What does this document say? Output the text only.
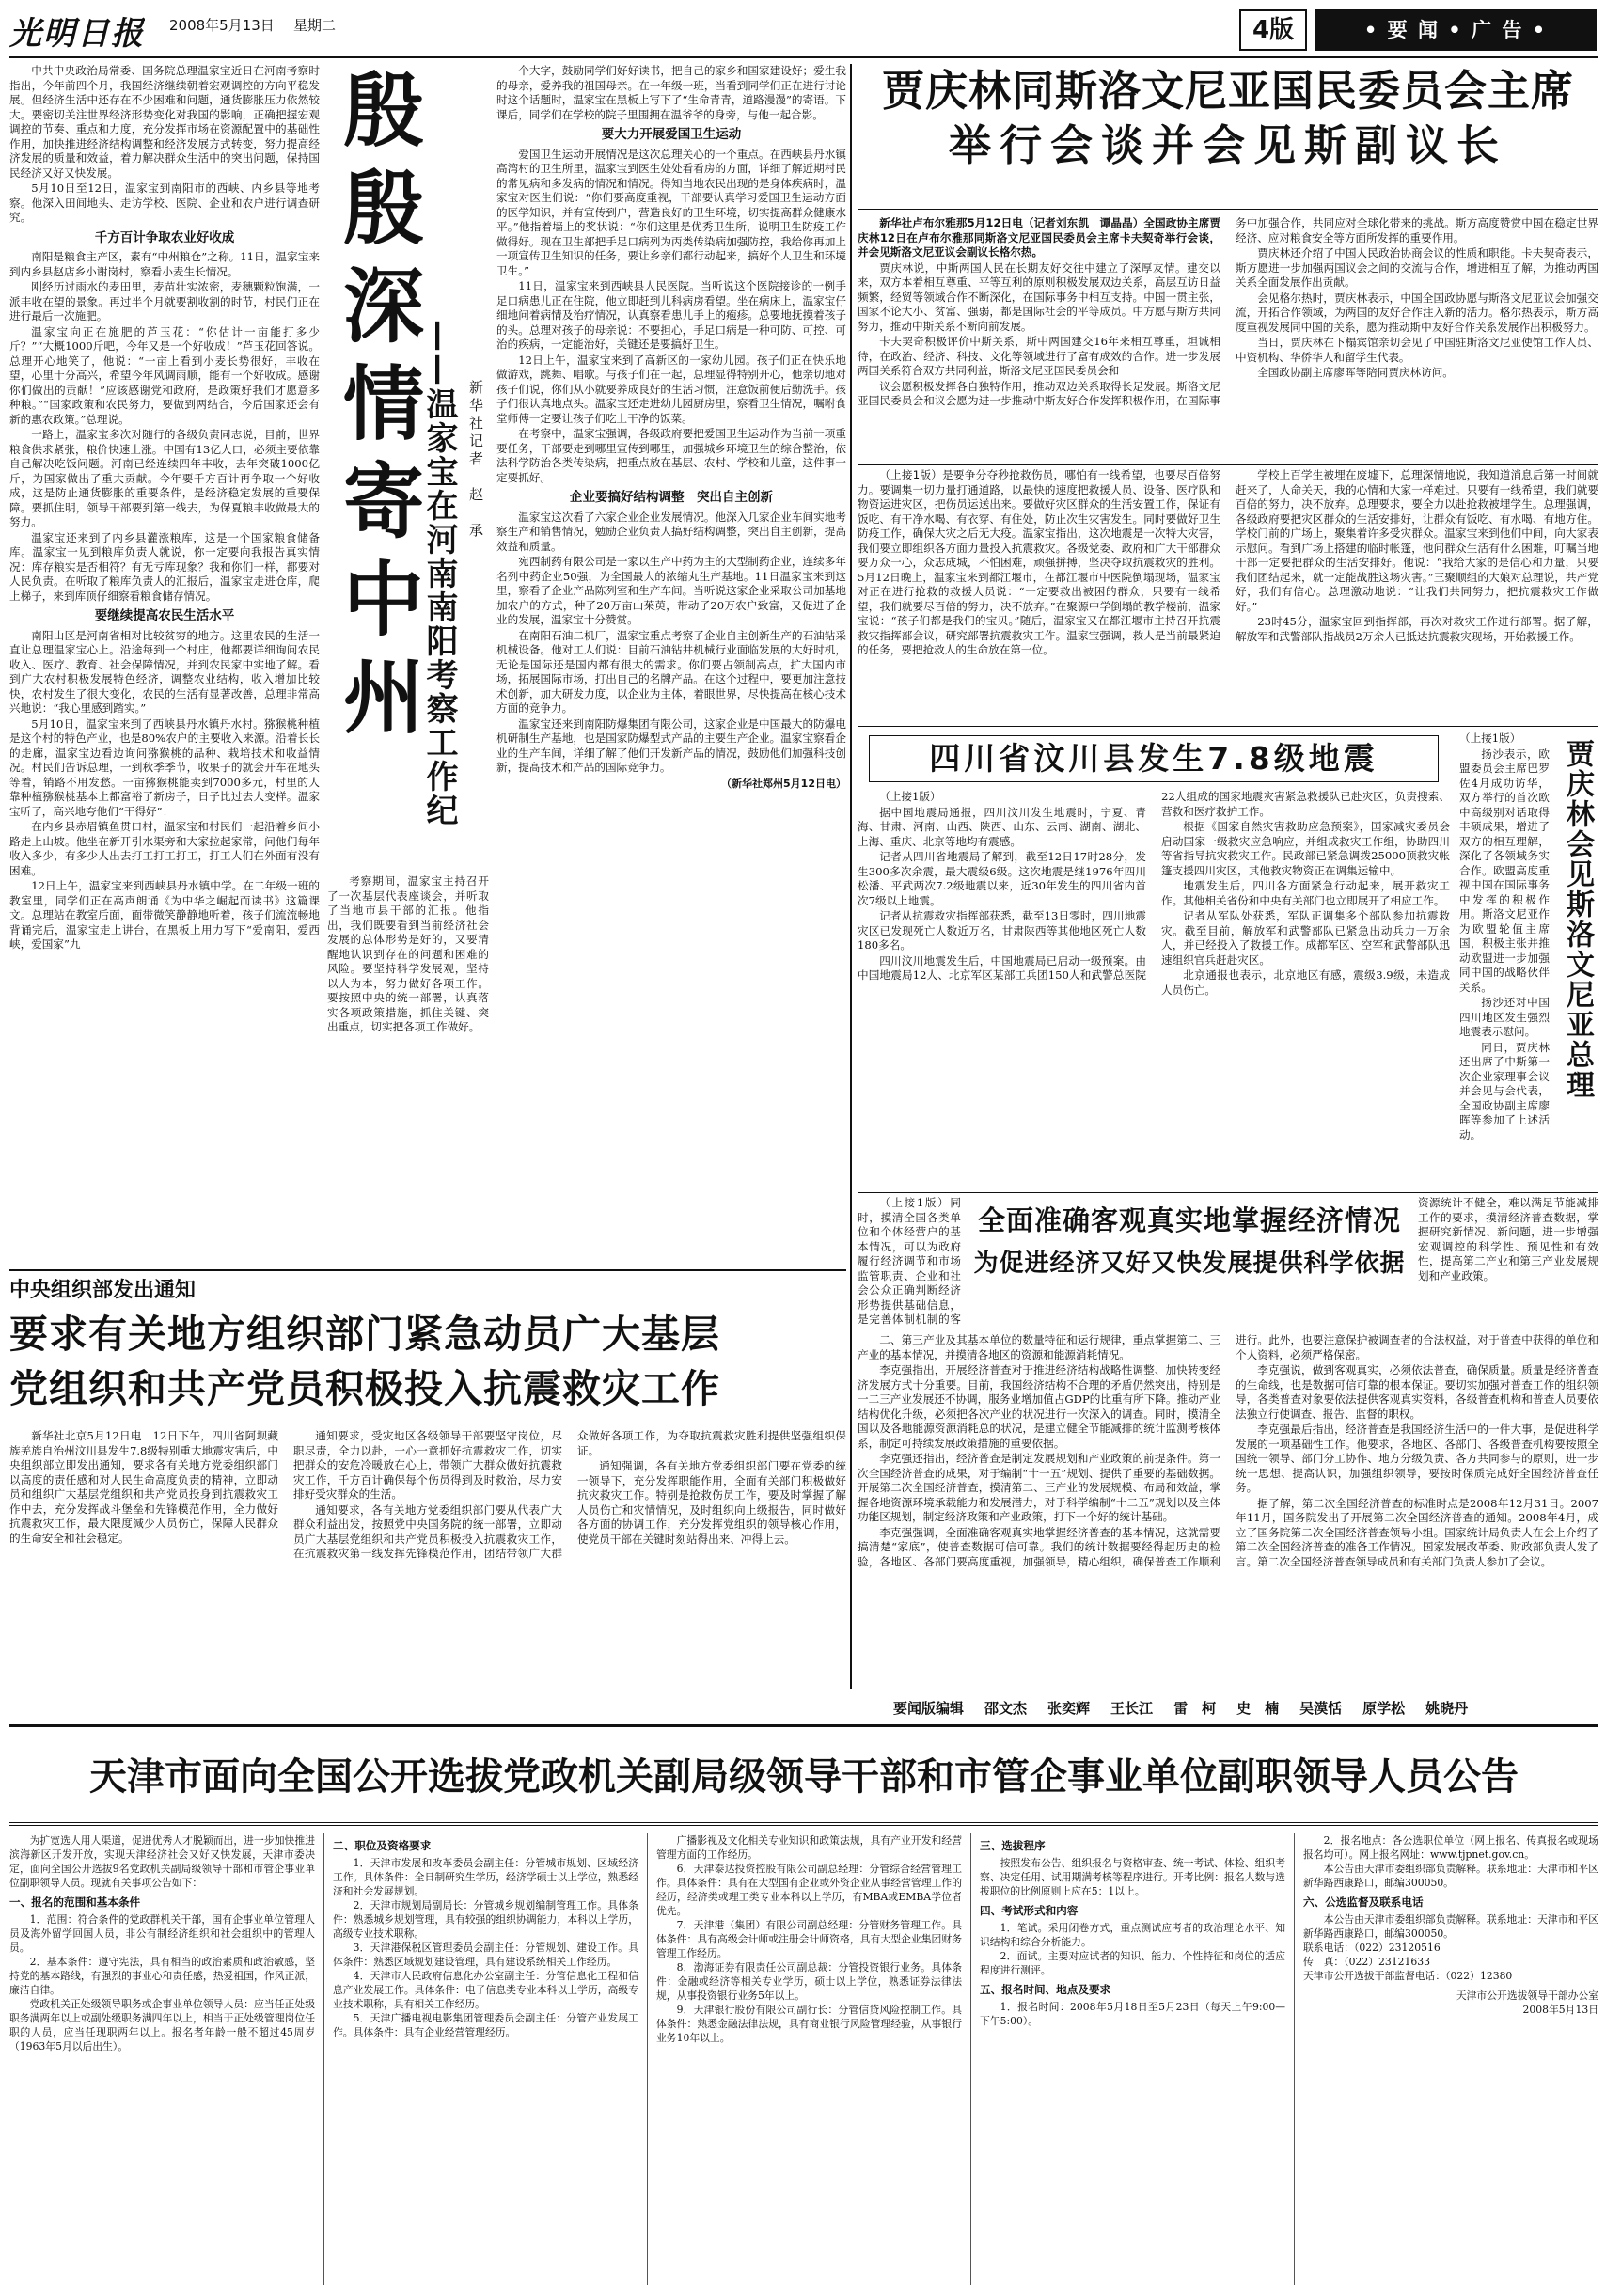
光明日报 2008年5月13日 星期二	4版	• 要 闻 • 广 告 •

中共中央政治局常委、国务院总理温家宝近日在河南考察时指出，今年前四个月，我国经济继续朝着宏观调控的方向平稳发展。但经济生活中还存在不少困难和问题，通货膨胀压力依然较大。要密切关注世界经济形势变化对我国的影响，正确把握宏观调控的节奏、重点和力度，充分发挥市场在资源配置中的基础性作用，加快推进经济结构调整和经济发展方式转变，努力提高经济发展的质量和效益，着力解决群众生活中的突出问题，保持国民经济又好又快发展。

5月10日至12日，温家宝到南阳市的西峡、内乡县等地考察。他深入田间地头、走访学校、医院、企业和农户进行调查研究。

千方百计争取农业好收成

南阳是粮食主产区，素有“中州粮仓”之称。11日，温家宝来到内乡县赵店乡小谢岗村，察看小麦生长情况。

刚经历过雨水的麦田里，麦苗壮实浓密，麦穗颗粒饱满，一派丰收在望的景象。再过半个月就要割收割的时节，村民们正在进行最后一次施肥。

温家宝向正在施肥的芦玉花：“你估计一亩能打多少斤？”“大概1000斤吧，今年又是一个好收成！”芦玉花回答说。总理开心地笑了，他说：“一亩上看到小麦长势很好，丰收在望，心里十分高兴，希望今年风调雨顺，能有一个好收成。感谢你们做出的贡献！”应该感谢党和政府，是政策好我们才愿意多种粮。”“国家政策和农民努力，要做到两结合，今后国家还会有新的惠农政策。”总理说。

一路上，温家宝多次对随行的各级负责同志说，目前，世界粮食供求紧张，粮价快速上涨。中国有13亿人口，必须主要依靠自己解决吃饭问题。河南已经连续四年丰收，去年突破1000亿斤，为国家做出了重大贡献。今年要千方百计再争取一个好收成，这是防止通货膨胀的重要条件，是经济稳定发展的重要保障。要抓住明，领导干部要到第一线去，为保夏粮丰收做最大的努力。

温家宝还来到了内乡县灌涨粮库，这是一个国家粮食储备库。温家宝一见到粮库负责人就说，你一定要向我报告真实情况：库存粮实是否相符？有无亏库现象？我和你们一样，都要对人民负责。在听取了粮库负责人的汇报后，温家宝走进仓库，爬上梯子，来到库顶仔细察看粮食储存情况。

要继续提高农民生活水平

南阳山区是河南省相对比较贫穷的地方。这里农民的生活一直让总理温家宝心上。沿途每到一个村庄，他都要详细询问农民收入、医疗、教育、社会保障情况，并到农民家中实地了解。看到广大农村积极发展特色经济，调整农业结构，收入增加比较快，农村发生了很大变化，农民的生活有显著改善，总理非常高兴地说：“我心里感到踏实。”

5月10日，温家宝来到了西峡县丹水镇丹水村。猕猴桃种植是这个村的特色产业，也是80%农户的主要收入来源。沿着长长的走廊，温家宝边看边询问猕猴桃的品种、栽培技术和收益情况。村民们告诉总理，一到秋季季节，收果子的就会开车在地头等着，销路不用发愁。一亩猕猴桃能卖到7000多元，村里的人靠种植猕猴桃基本上都富裕了新房子，日子比过去大变样。温家宝听了，高兴地夸他们“干得好”！

在内乡县赤眉镇鱼贯口村，温家宝和村民们一起沿着乡间小路走上山坡。他坐在新开引水渠旁和大家拉起家常，问他们每年收入多少，有多少人出去打工打工打工，打工人们在外面有没有困难。

12日上午，温家宝来到西峡县丹水镇中学。在二年级一班的教室里，同学们正在高声朗诵《为中华之崛起而读书》这篇课文。总理站在教室后面，面带微笑静静地听着，孩子们流流畅地背诵完后，温家宝走上讲台，在黑板上用力写下“爱南阳，爱西峡，爱国家”九

殷殷深情寄中州
——温家宝在河南南阳考察工作纪
新华社记者　赵　承

考察期间，温家宝主持召开了一次基层代表座谈会，并听取了当地市县干部的汇报。他指出，我们既要看到当前经济社会发展的总体形势是好的，又要清醒地认识到存在的问题和困难的风险。要坚持科学发展观，坚持以人为本，努力做好各项工作。要按照中央的统一部署，认真落实各项政策措施，抓住关键、突出重点，切实把各项工作做好。

个大字，鼓励同学们好好读书，把自己的家乡和国家建设好；爱生我的母亲，爱养我的祖国母亲。在一年级一班，当看到同学们正在进行讨论时这个话题时，温家宝在黑板上写下了“生命青青，道路漫漫”的寄语。下课后，同学们在学校的院子里围拥在温爷爷的身旁，与他一起合影。

要大力开展爱国卫生运动

爱国卫生运动开展情况是这次总理关心的一个重点。在西峡县丹水镇高湾村的卫生所里，温家宝到医生处处看看房的方面，详细了解近期村民的常见病和多发病的情况和情况。得知当地农民出现的是身体疾病时，温家宝对医生们说：“你们要高度重视，干部要认真学习爱国卫生运动方面的医学知识，并有宣传到户，营造良好的卫生环境，切实提高群众健康水平。”他指着墙上的奖状说：“你们这里是优秀卫生所，说明卫生防疫工作做得好。现在卫生部把手足口病列为丙类传染病加强防控，我给你再加上一项宣传卫生知识的任务，要让乡亲们都行动起来，搞好个人卫生和环境卫生。”

11日，温家宝来到西峡县人民医院。当听说这个医院接诊的一例手足口病患儿正在住院，他立即赶到儿科病房看望。坐在病床上，温家宝仔细地问着病情及治疗情况，认真察看患儿手上的疱疹。总要地抚摸着孩子的头。总理对孩子的母亲说：不要担心，手足口病是一种可防、可控、可治的疾病，一定能治好，关键还是要搞好卫生。

12日上午，温家宝来到了高新区的一家幼儿园。孩子们正在快乐地做游戏，跳舞、唱歌。与孩子们在一起，总理显得特别开心，他亲切地对孩子们说，你们从小就要养成良好的生活习惯，注意饭前便后勤洗手。孩子们很认真地点头。温家宝还走进幼儿园厨房里，察看卫生情况，嘱咐食堂师傅一定要让孩子们吃上干净的饭菜。

在考察中，温家宝强调，各级政府要把爱国卫生运动作为当前一项重要任务，干部要走到哪里宣传到哪里，加强城乡环境卫生的综合整治，依法科学防治各类传染病，把重点放在基层、农村、学校和儿童，这件事一定要抓好。

企业要搞好结构调整　突出自主创新

温家宝这次看了六家企业企业发展情况。他深入几家企业车间实地考察生产和销售情况，勉励企业负责人搞好结构调整，突出自主创新，提高效益和质量。

宛西制药有限公司是一家以生产中药为主的大型制药企业，连续多年名列中药企业50强，为全国最大的浓缩丸生产基地。11日温家宝来到这里，察看了企业产品陈列室和生产车间。当听说这家企业采取公司加基地加农户的方式，种了20万亩山茱萸，带动了20万农户致富，又促进了企业的发展，温家宝十分赞赏。

在南阳石油二机厂，温家宝重点考察了企业自主创新生产的石油钻采机械设备。他对工人们说：目前石油钻井机械行业面临发展的大好时机，无论是国际还是国内都有很大的需求。你们要占领制高点，扩大国内市场，拓展国际市场，打出自己的名牌产品。在这个过程中，要更加注意技术创新，加大研发力度，以企业为主体，着眼世界，尽快提高在核心技术方面的竞争力。

温家宝还来到南阳防爆集团有限公司，这家企业是中国最大的防爆电机研制生产基地，也是国家防爆型式产品的主要生产企业。温家宝察看企业的生产车间，详细了解了他们开发新产品的情况，鼓励他们加强科技创新，提高技术和产品的国际竞争力。

（新华社郑州5月12日电）
贾庆林同斯洛文尼亚国民委员会主席
举行会谈并会见斯副议长

新华社卢布尔雅那5月12日电（记者刘东凯　谭晶晶）全国政协主席贾庆林12日在卢布尔雅那同斯洛文尼亚国民委员会主席卡夫契奇举行会谈，并会见斯洛文尼亚议会副议长格尔热。

贾庆林说，中斯两国人民在长期友好交往中建立了深厚友情。建交以来，双方本着相互尊重、平等互利的原则积极发展双边关系，高层互访日益频繁，经贸等领域合作不断深化，在国际事务中相互支持。中国一贯主张，国家不论大小、贫富、强弱，都是国际社会的平等成员。中方愿与斯方共同努力，推动中斯关系不断向前发展。

卡夫契奇积极评价中斯关系，斯中两国建交16年来相互尊重，坦诚相待，在政治、经济、科技、文化等领域进行了富有成效的合作。进一步发展两国关系符合双方共同利益，斯洛文尼亚国民委员会和

议会愿积极发挥各自独特作用，推动双边关系取得长足发展。斯洛文尼亚国民委员会和议会愿为进一步推动中斯友好合作发挥积极作用，在国际事务中加强合作，共同应对全球化带来的挑战。斯方高度赞赏中国在稳定世界经济、应对粮食安全等方面所发挥的重要作用。

贾庆林还介绍了中国人民政治协商会议的性质和职能。卡夫契奇表示，斯方愿进一步加强两国议会之间的交流与合作，增进相互了解，为推动两国关系全面发展作出贡献。

会见格尔热时，贾庆林表示，中国全国政协愿与斯洛文尼亚议会加强交流，开拓合作领域，为两国的友好合作注入新的活力。格尔热表示，斯方高度重视发展同中国的关系，愿为推动斯中友好合作关系发展作出积极努力。

当日，贾庆林在下榻宾馆亲切会见了中国驻斯洛文尼亚使馆工作人员、中资机构、华侨华人和留学生代表。

全国政协副主席廖晖等陪同贾庆林访问。

（上接1版）是要争分夺秒抢救伤员，哪怕有一线希望，也要尽百倍努力。要调集一切力量打通道路，以最快的速度把救援人员、设备、医疗队和物资运进灾区，把伤员运送出来。要做好灾区群众的生活安置工作，保证有饭吃、有干净水喝、有衣穿、有住处，防止次生灾害发生。同时要做好卫生防疫工作，确保大灾之后无大疫。温家宝指出，这次地震是一次特大灾害，我们要立即组织各方面力量投入抗震救灾。各级党委、政府和广大干部群众要万众一心，众志成城，不怕困难，顽强拼搏，坚决夺取抗震救灾的胜利。5月12日晚上，温家宝来到都江堰市，在都江堰市中医院倒塌现场，温家宝对正在进行抢救的救援人员说：“一定要救出被困的群众，只要有一线希望，我们就要尽百倍的努力，决不放弃。”在聚源中学倒塌的教学楼前，温家宝说：“孩子们都是我们的宝贝。”随后，温家宝又在都江堰市主持召开抗震救灾指挥部会议，研究部署抗震救灾工作。温家宝强调，救人是当前最紧迫的任务，要把抢救人的生命放在第一位。

学校上百学生被埋在废墟下，总理深情地说，我知道消息后第一时间就赶来了，人命关天，我的心情和大家一样难过。只要有一线希望，我们就要百倍的努力，决不放弃。总理要求，要全力以赴抢救被埋学生。总理强调，各级政府要把灾区群众的生活安排好，让群众有饭吃、有水喝、有地方住。学校门前的广场上，聚集着许多受灾群众。温家宝来到他们中间，向大家表示慰问。看到广场上搭建的临时帐篷，他问群众生活有什么困难，叮嘱当地干部一定要把群众的生活安排好。他说：“我给大家的是信心和力量，只要我们团结起来，就一定能战胜这场灾害。”三聚顺组的大娘对总理说，共产党好，我们有信心。总理激动地说：“让我们共同努力，把抗震救灾工作做好。”

23时45分，温家宝回到指挥部，再次对救灾工作进行部署。据了解，解放军和武警部队指战员2万余人已抵达抗震救灾现场，开始救援工作。

四川省汶川县发生7.8级地震

（上接1版）

据中国地震局通报，四川汶川发生地震时，宁夏、青海、甘肃、河南、山西、陕西、山东、云南、湖南、湖北、上海、重庆、北京等地均有震感。

记者从四川省地震局了解到，截至12日17时28分，发生300多次余震，最大震级6级。这次地震是继1976年四川松潘、平武两次7.2级地震以来，近30年发生的四川省内首次7级以上地震。

记者从抗震救灾指挥部获悉，截至13日零时，四川地震灾区已发现死亡人数近万名，甘肃陕西等其他地区死亡人数180多名。

四川汶川地震发生后，中国地震局已启动一级预案。由中国地震局12人、北京军区某部工兵团150人和武警总医院22人组成的国家地震灾害紧急救援队已赴灾区，负责搜索、营救和医疗救护工作。

根据《国家自然灾害救助应急预案》，国家减灾委员会启动国家一级救灾应急响应，并组成救灾工作组，协助四川等省指导抗灾救灾工作。民政部已紧急调拨25000顶救灾帐篷支援四川灾区，其他救灾物资正在调集运输中。

地震发生后，四川各方面紧急行动起来，展开救灾工作。其他相关省份和中央有关部门也立即展开了相应工作。

记者从军队处获悉，军队正调集多个部队参加抗震救灾。截至目前，解放军和武警部队已紧急出动兵力一万余人，并已经投入了救援工作。成都军区、空军和武警部队迅速组织官兵赶赴灾区。

北京通报也表示，北京地区有感，震级3.9级，未造成人员伤亡。

（上接1版）

扬沙表示，欧盟委员会主席巴罗佐4月成功访华，双方举行的首次欧中高级别对话取得丰硕成果，增进了双方的相互理解，深化了各领域务实合作。欧盟高度重视中国在国际事务中发挥的积极作用。斯洛文尼亚作为欧盟轮值主席国，积极主张并推动欧盟进一步加强同中国的战略伙伴关系。

扬沙还对中国四川地区发生强烈地震表示慰问。

同日，贾庆林还出席了中斯第一次企业家理事会议并会见与会代表，全国政协副主席廖晖等参加了上述活动。

贾庆林会见斯洛文尼亚总理

（上接1版）同时，摸清全国各类单位和个体经营户的基本情况，可以为政府履行经济调节和市场监管职责、企业和社会公众正确判断经济形势提供基础信息，是完善体制机制的客

全面准确客观真实地掌握经济情况
为促进经济又好又快发展提供科学依据

资源统计不健全，难以满足节能减排工作的要求，摸清经济普查数据，掌握研究新情况、新问题，进一步增强宏观调控的科学性、预见性和有效性，提高第二产业和第三产业发展规划和产业政策。

二、第三产业及其基本单位的数量特征和运行规律，重点掌握第二、三产业的基本情况，并摸清各地区的资源和能源消耗情况。

李克强指出，开展经济普查对于推进经济结构战略性调整、加快转变经济发展方式十分重要。目前，我国经济结构不合理的矛盾仍然突出，特别是一二三产业发展还不协调，服务业增加值占GDP的比重有所下降。推动产业结构优化升级，必须把各次产业的状况进行一次深入的调查。同时，摸清全国以及各地能源资源消耗总的状况，是建立健全节能减排的统计监测考核体系，制定可持续发展政策措施的重要依据。

李克强还指出，经济普查是制定发展规划和产业政策的前提条件。第一次全国经济普查的成果，对于编制“十一五”规划、提供了重要的基础数据。开展第二次全国经济普查，摸清第二、三产业的发展规模、布局和效益，掌握各地资源环境承载能力和发展潜力，对于科学编制“十二五”规划以及主体功能区规划，制定经济政策和产业政策，打下一个好的统计基础。

李克强强调，全面准确客观真实地掌握经济普查的基本情况，这就需要搞清楚“家底”，使普查数据可信可靠。我们的统计数据要经得起历史的检验，各地区、各部门要高度重视，加强领导，精心组织，确保普查工作顺利进行。此外，也要注意保护被调查者的合法权益，对于普查中获得的单位和个人资料，必须严格保密。

李克强说，做到客观真实，必须依法普查，确保质量。质量是经济普查的生命线，也是数据可信可靠的根本保证。要切实加强对普查工作的组织领导，各类普查对象要依法提供客观真实资料，各级普查机构和普查人员要依法独立行使调查、报告、监督的职权。

李克强最后指出，经济普查是我国经济生活中的一件大事，是促进科学发展的一项基础性工作。他要求，各地区、各部门、各级普查机构要按照全国统一领导、部门分工协作、地方分级负责、各方共同参与的原则，进一步统一思想、提高认识，加强组织领导，要按时保质完成好全国经济普查任务。

据了解，第二次全国经济普查的标准时点是2008年12月31日。2007年11月，国务院发出了开展第二次全国经济普查的通知。2008年4月，成立了国务院第二次全国经济普查领导小组。国家统计局负责人在会上介绍了第二次全国经济普查的准备工作情况。国家发展改革委、财政部负责人发了言。第二次全国经济普查领导成员和有关部门负责人参加了会议。

中央组织部发出通知
要求有关地方组织部门紧急动员广大基层
党组织和共产党员积极投入抗震救灾工作

新华社北京5月12日电　12日下午，四川省阿坝藏族羌族自治州汶川县发生7.8级特别重大地震灾害后，中央组织部立即发出通知，要求各有关地方党委组织部门以高度的责任感和对人民生命高度负责的精神，立即动员和组织广大基层党组织和共产党员投身到抗震救灾工作中去，充分发挥战斗堡垒和先锋模范作用，全力做好抗震救灾工作，最大限度减少人员伤亡，保障人民群众的生命安全和社会稳定。

通知要求，受灾地区各级领导干部要坚守岗位，尽职尽责，全力以赴，一心一意抓好抗震救灾工作，切实把群众的安危冷暖放在心上，带领广大群众做好抗震救灾工作，千方百计确保每个伤员得到及时救治，尽力安排好受灾群众的生活。

通知要求，各有关地方党委组织部门要从代表广大群众利益出发，按照党中央国务院的统一部署，立即动员广大基层党组织和共产党员积极投入抗震救灾工作，在抗震救灾第一线发挥先锋模范作用，团结带领广大群众做好各项工作，为夺取抗震救灾胜利提供坚强组织保证。

通知强调，各有关地方党委组织部门要在党委的统一领导下，充分发挥职能作用，全面有关部门积极做好抗灾救灾工作。特别是抢救伤员工作，要及时掌握了解人员伤亡和灾情情况，及时组织向上级报告，同时做好各方面的协调工作，充分发挥党组织的领导核心作用，使党员干部在关键时刻站得出来、冲得上去。

要闻版编辑 邵文杰 张奕辉 王长江 雷　柯 史　楠 吴漠恬 原学松 姚晓丹
天津市面向全国公开选拔党政机关副局级领导干部和市管企事业单位副职领导人员公告

为扩宽选人用人渠道，促进优秀人才脱颖而出，进一步加快推进滨海新区开发开放，实现天津经济社会又好又快发展，天津市委决定，面向全国公开选拔9名党政机关副局级领导干部和市管企事业单位副职领导人员。现就有关事项公告如下：

一、报名的范围和基本条件

1．范围：符合条件的党政群机关干部，国有企事业单位管理人员及海外留学回国人员，非公有制经济组织和社会组织中的管理人员。

2．基本条件：遵守宪法，具有相当的政治素质和政治敏感，坚持党的基本路线，有强烈的事业心和责任感，热爱祖国，作风正派，廉洁自律。

党政机关正处级领导职务或企事业单位领导人员：应当任正处级职务满两年以上或副处级职务满四年以上，相当于正处级管理岗位任职的人员，应当任现职两年以上。报名者年龄一般不超过45周岁（1963年5月以后出生）。

二、职位及资格要求

1．天津市发展和改革委员会副主任：分管城市规划、区域经济工作。具体条件：全日制研究生学历，经济学硕士以上学位，熟悉经济和社会发展规划。

2．天津市规划局副局长：分管城乡规划编制管理工作。具体条件：熟悉城乡规划管理，具有较强的组织协调能力，本科以上学历，高级专业技术职称。

3．天津港保税区管理委员会副主任：分管规划、建设工作。具体条件：熟悉区域规划建设管理，具有建设系统相关工作经历。

4．天津市人民政府信息化办公室副主任：分管信息化工程和信息产业发展工作。具体条件：电子信息类专业本科以上学历，高级专业技术职称，具有相关工作经历。

5．天津广播电视电影集团管理委员会副主任：分管产业发展工作。具体条件：具有企业经营管理经历。

广播影视及文化相关专业知识和政策法规，具有产业开发和经营管理方面的工作经历。

6．天津泰达投资控股有限公司副总经理：分管综合经营管理工作。具体条件：具有在大型国有企业或外资企业从事经营管理工作的经历，经济类或理工类专业本科以上学历，有MBA或EMBA学位者优先。

7．天津港（集团）有限公司副总经理：分管财务管理工作。具体条件：具有高级会计师或注册会计师资格，具有大型企业集团财务管理工作经历。

8．渤海证券有限责任公司副总裁：分管投资银行业务。具体条件：金融或经济等相关专业学历，硕士以上学位，熟悉证券法律法规，从事投资银行业务5年以上。

9．天津银行股份有限公司副行长：分管信贷风险控制工作。具体条件：熟悉金融法律法规，具有商业银行风险管理经验，从事银行业务10年以上。

三、选拔程序

按照发布公告、组织报名与资格审查、统一考试、体检、组织考察、决定任用、试用期满考核等程序进行。开考比例：报名人数与选拔职位的比例原则上应在5：1以上。

四、考试形式和内容

1．笔试。采用闭卷方式，重点测试应考者的政治理论水平、知识结构和综合分析能力。

2．面试。主要对应试者的知识、能力、个性特征和岗位的适应程度进行测评。

五、报名时间、地点及要求

1．报名时间：2008年5月18日至5月23日（每天上午9:00—下午5:00）。

2．报名地点：各公选职位单位（网上报名、传真报名或现场报名均可）。网上报名网址：www.tjpnet.gov.cn。

本公告由天津市委组织部负责解释。联系地址：天津市和平区新华路西康路口，邮编300050。

六、公选监督及联系电话

本公告由天津市委组织部负责解释。联系地址：天津市和平区新华路西康路口，邮编300050。

联系电话：（022）23120516

传　真：（022）23121633

天津市公开选拔干部监督电话：（022）12380

天津市公开选拔领导干部办公室

2008年5月13日
